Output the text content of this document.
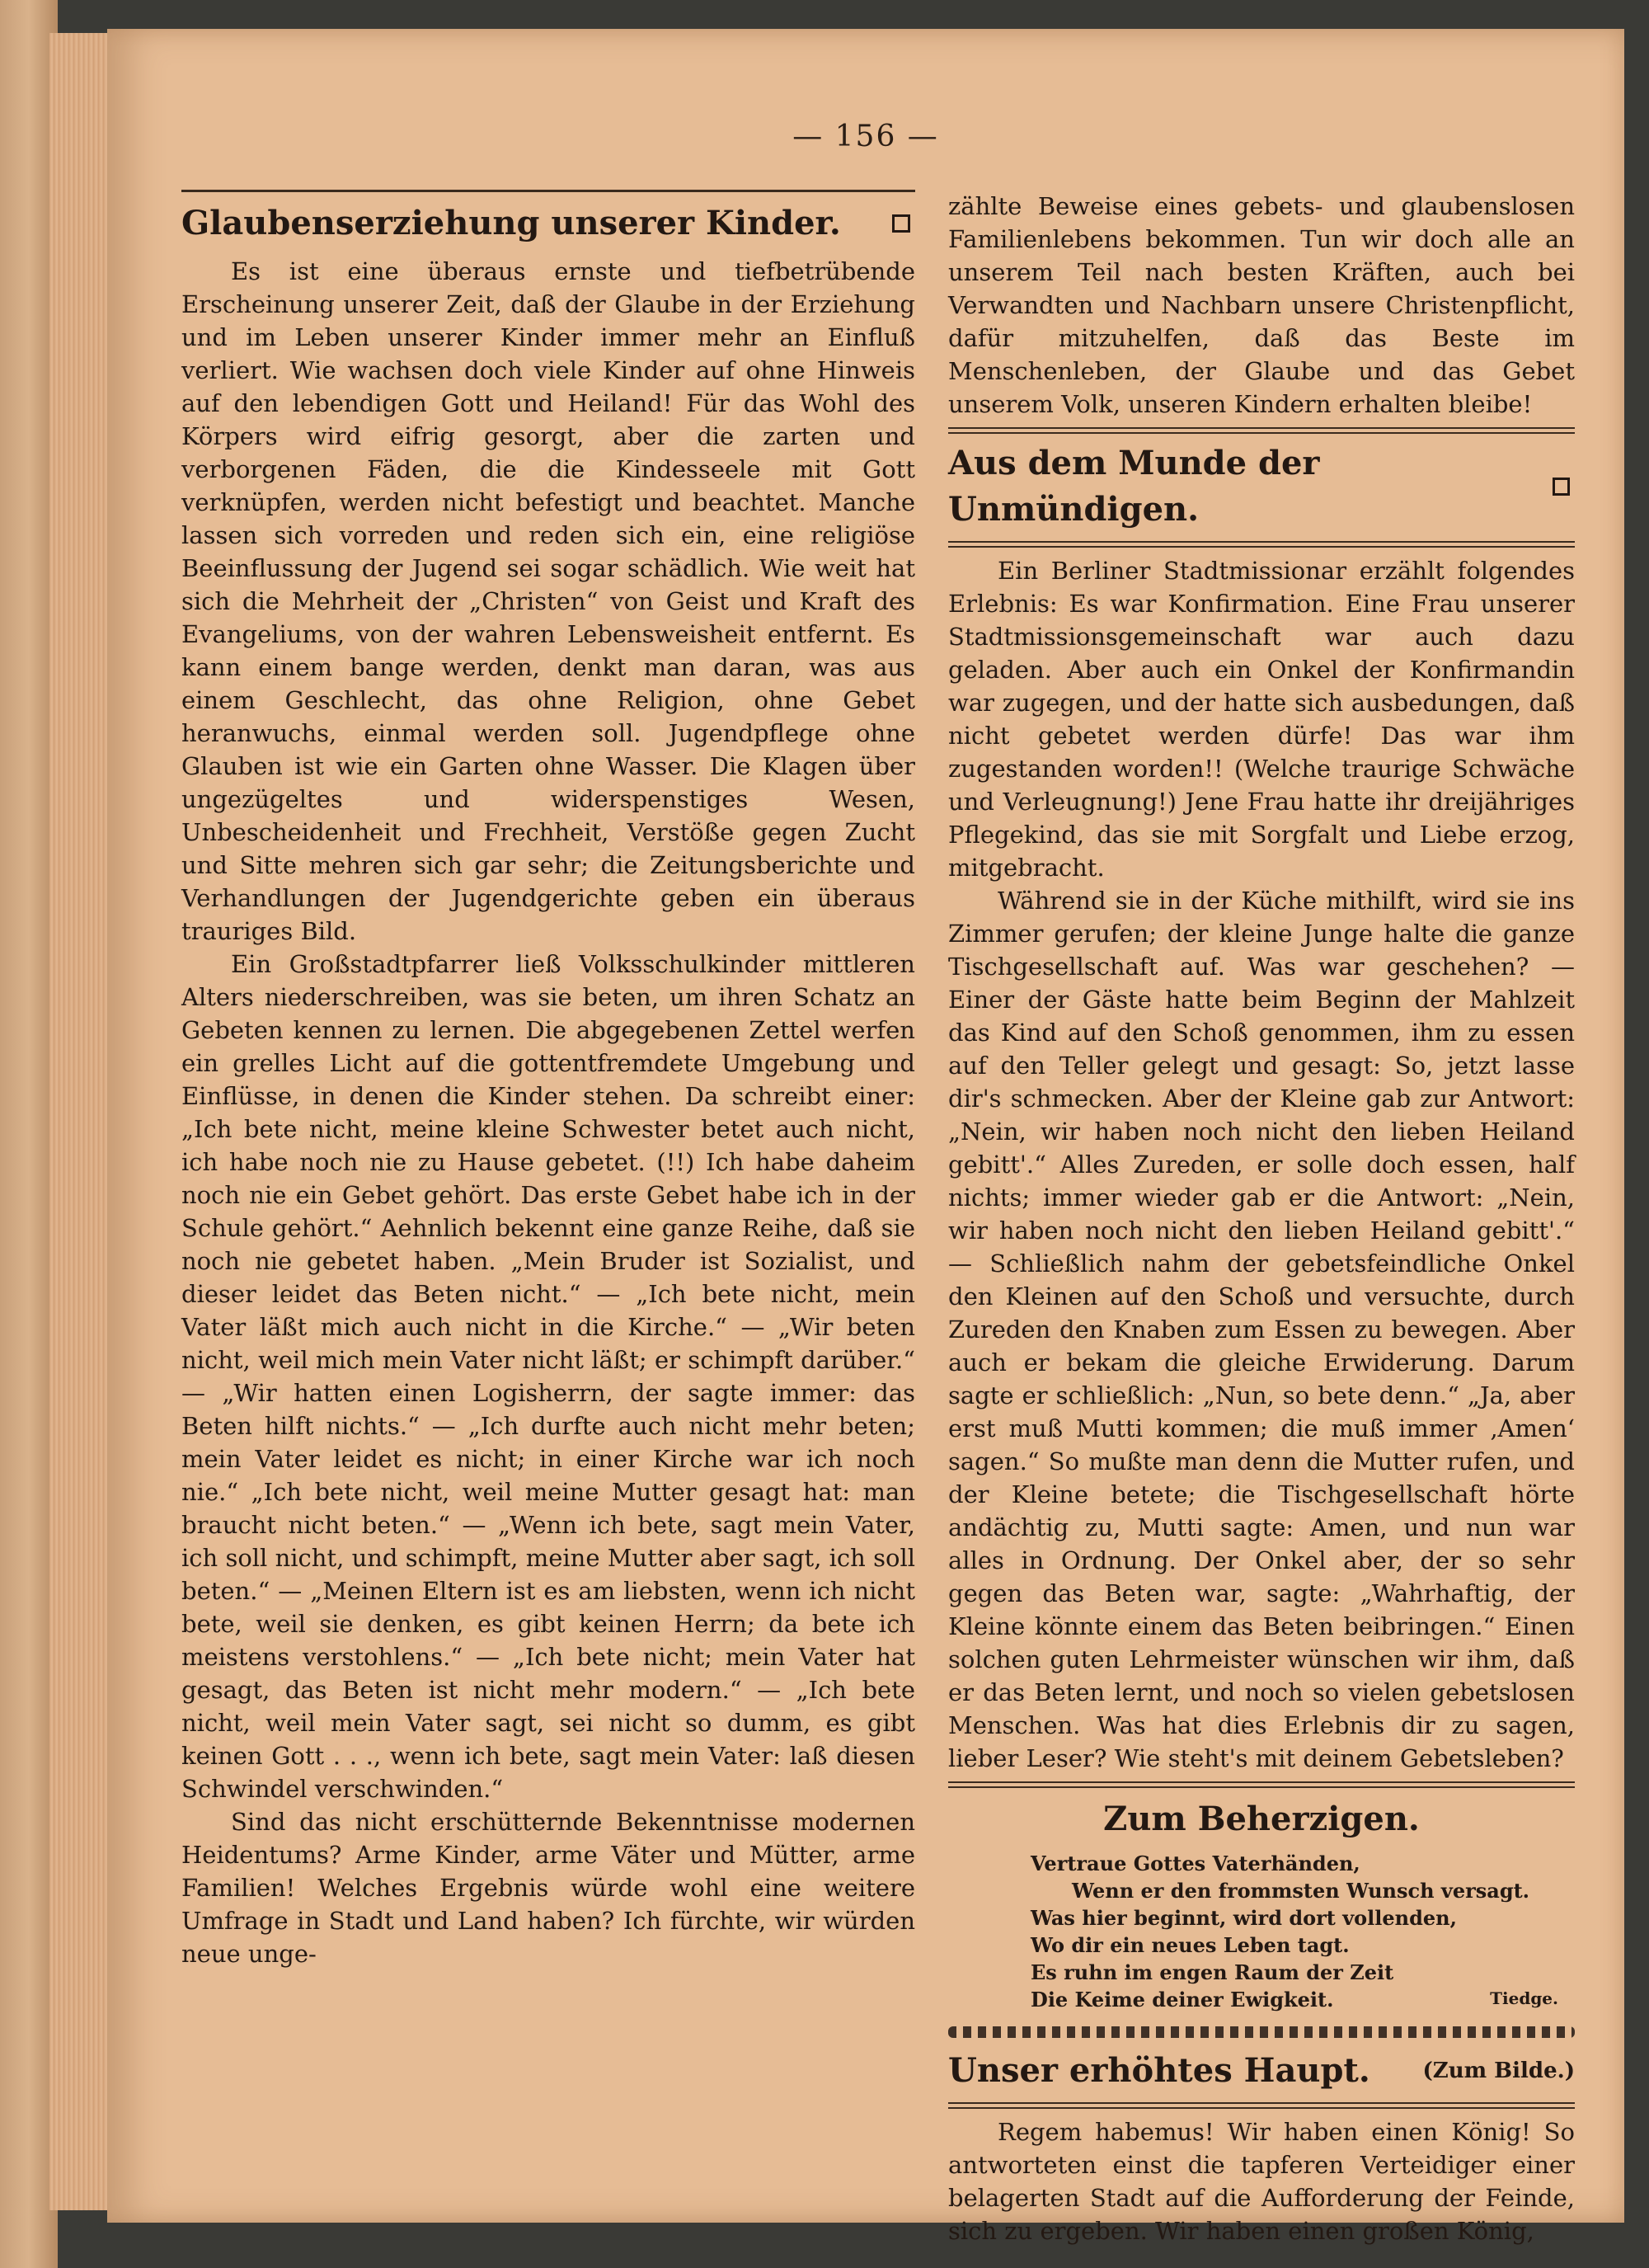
— 156 —
Glaubenserziehung unserer Kinder.

Es ist eine überaus ernste und tiefbetrübende Erscheinung unserer Zeit, daß der Glaube in der Erziehung und im Leben unserer Kinder immer mehr an Einfluß verliert. Wie wachsen doch viele Kinder auf ohne Hinweis auf den lebendigen Gott und Heiland! Für das Wohl des Körpers wird eifrig gesorgt, aber die zarten und verborgenen Fäden, die die Kindesseele mit Gott verknüpfen, werden nicht befestigt und beachtet. Manche lassen sich vorreden und reden sich ein, eine religiöse Beeinflussung der Jugend sei sogar schädlich. Wie weit hat sich die Mehrheit der „Christen“ von Geist und Kraft des Evangeliums, von der wahren Lebensweisheit entfernt. Es kann einem bange werden, denkt man daran, was aus einem Geschlecht, das ohne Religion, ohne Gebet heranwuchs, einmal werden soll. Jugendpflege ohne Glauben ist wie ein Garten ohne Wasser. Die Klagen über ungezügeltes und widerspenstiges Wesen, Unbescheidenheit und Frechheit, Verstöße gegen Zucht und Sitte mehren sich gar sehr; die Zeitungsberichte und Verhandlungen der Jugendgerichte geben ein überaus trauriges Bild.

Ein Großstadtpfarrer ließ Volksschulkinder mittleren Alters niederschreiben, was sie beten, um ihren Schatz an Gebeten kennen zu lernen. Die abgegebenen Zettel werfen ein grelles Licht auf die gottentfremdete Umgebung und Einflüsse, in denen die Kinder stehen. Da schreibt einer: „Ich bete nicht, meine kleine Schwester betet auch nicht, ich habe noch nie zu Hause gebetet. (!!) Ich habe daheim noch nie ein Gebet gehört. Das erste Gebet habe ich in der Schule gehört.“ Aehnlich bekennt eine ganze Reihe, daß sie noch nie gebetet haben. „Mein Bruder ist Sozialist, und dieser leidet das Beten nicht.“ — „Ich bete nicht, mein Vater läßt mich auch nicht in die Kirche.“ — „Wir beten nicht, weil mich mein Vater nicht läßt; er schimpft darüber.“ — „Wir hatten einen Logisherrn, der sagte immer: das Beten hilft nichts.“ — „Ich durfte auch nicht mehr beten; mein Vater leidet es nicht; in einer Kirche war ich noch nie.“ „Ich bete nicht, weil meine Mutter gesagt hat: man braucht nicht beten.“ — „Wenn ich bete, sagt mein Vater, ich soll nicht, und schimpft, meine Mutter aber sagt, ich soll beten.“ — „Meinen Eltern ist es am liebsten, wenn ich nicht bete, weil sie denken, es gibt keinen Herrn; da bete ich meistens verstohlens.“ — „Ich bete nicht; mein Vater hat gesagt, das Beten ist nicht mehr modern.“ — „Ich bete nicht, weil mein Vater sagt, sei nicht so dumm, es gibt keinen Gott . . ., wenn ich bete, sagt mein Vater: laß diesen Schwindel verschwinden.“

Sind das nicht erschütternde Bekenntnisse modernen Heidentums? Arme Kinder, arme Väter und Mütter, arme Familien! Welches Ergebnis würde wohl eine weitere Umfrage in Stadt und Land haben? Ich fürchte, wir würden neue unge-

zählte Beweise eines gebets- und glaubenslosen Familienlebens bekommen. Tun wir doch alle an unserem Teil nach besten Kräften, auch bei Verwandten und Nachbarn unsere Christenpflicht, dafür mitzuhelfen, daß das Beste im Menschenleben, der Glaube und das Gebet unserem Volk, unseren Kindern erhalten bleibe!

Aus dem Munde der Unmündigen.

Ein Berliner Stadtmissionar erzählt folgendes Erlebnis: Es war Konfirmation. Eine Frau unserer Stadtmissionsgemeinschaft war auch dazu geladen. Aber auch ein Onkel der Konfirmandin war zugegen, und der hatte sich ausbedungen, daß nicht gebetet werden dürfe! Das war ihm zugestanden worden!! (Welche traurige Schwäche und Verleugnung!) Jene Frau hatte ihr dreijähriges Pflegekind, das sie mit Sorgfalt und Liebe erzog, mitgebracht.

Während sie in der Küche mithilft, wird sie ins Zimmer gerufen; der kleine Junge halte die ganze Tischgesellschaft auf. Was war geschehen? — Einer der Gäste hatte beim Beginn der Mahlzeit das Kind auf den Schoß genommen, ihm zu essen auf den Teller gelegt und gesagt: So, jetzt lasse dir's schmecken. Aber der Kleine gab zur Antwort: „Nein, wir haben noch nicht den lieben Heiland gebitt'.“ Alles Zureden, er solle doch essen, half nichts; immer wieder gab er die Antwort: „Nein, wir haben noch nicht den lieben Heiland gebitt'.“ — Schließlich nahm der gebetsfeindliche Onkel den Kleinen auf den Schoß und versuchte, durch Zureden den Knaben zum Essen zu bewegen. Aber auch er bekam die gleiche Erwiderung. Darum sagte er schließlich: „Nun, so bete denn.“ „Ja, aber erst muß Mutti kommen; die muß immer ‚Amen‘ sagen.“ So mußte man denn die Mutter rufen, und der Kleine betete; die Tischgesellschaft hörte andächtig zu, Mutti sagte: Amen, und nun war alles in Ordnung. Der Onkel aber, der so sehr gegen das Beten war, sagte: „Wahrhaftig, der Kleine könnte einem das Beten beibringen.“ Einen solchen guten Lehrmeister wünschen wir ihm, daß er das Beten lernt, und noch so vielen gebetslosen Menschen. Was hat dies Erlebnis dir zu sagen, lieber Leser? Wie steht's mit deinem Gebetsleben?

Zum Beherzigen.
Vertraue Gottes Vaterhänden,
Wenn er den frommsten Wunsch versagt.
Was hier beginnt, wird dort vollenden,
Wo dir ein neues Leben tagt.
Es ruhn im engen Raum der Zeit
Die Keime deiner Ewigkeit.	Tiedge.
Unser erhöhtes Haupt. (Zum Bilde.)

Regem habemus! Wir haben einen König! So antworteten einst die tapferen Verteidiger einer belagerten Stadt auf die Aufforderung der Feinde, sich zu ergeben. Wir haben einen großen König,
